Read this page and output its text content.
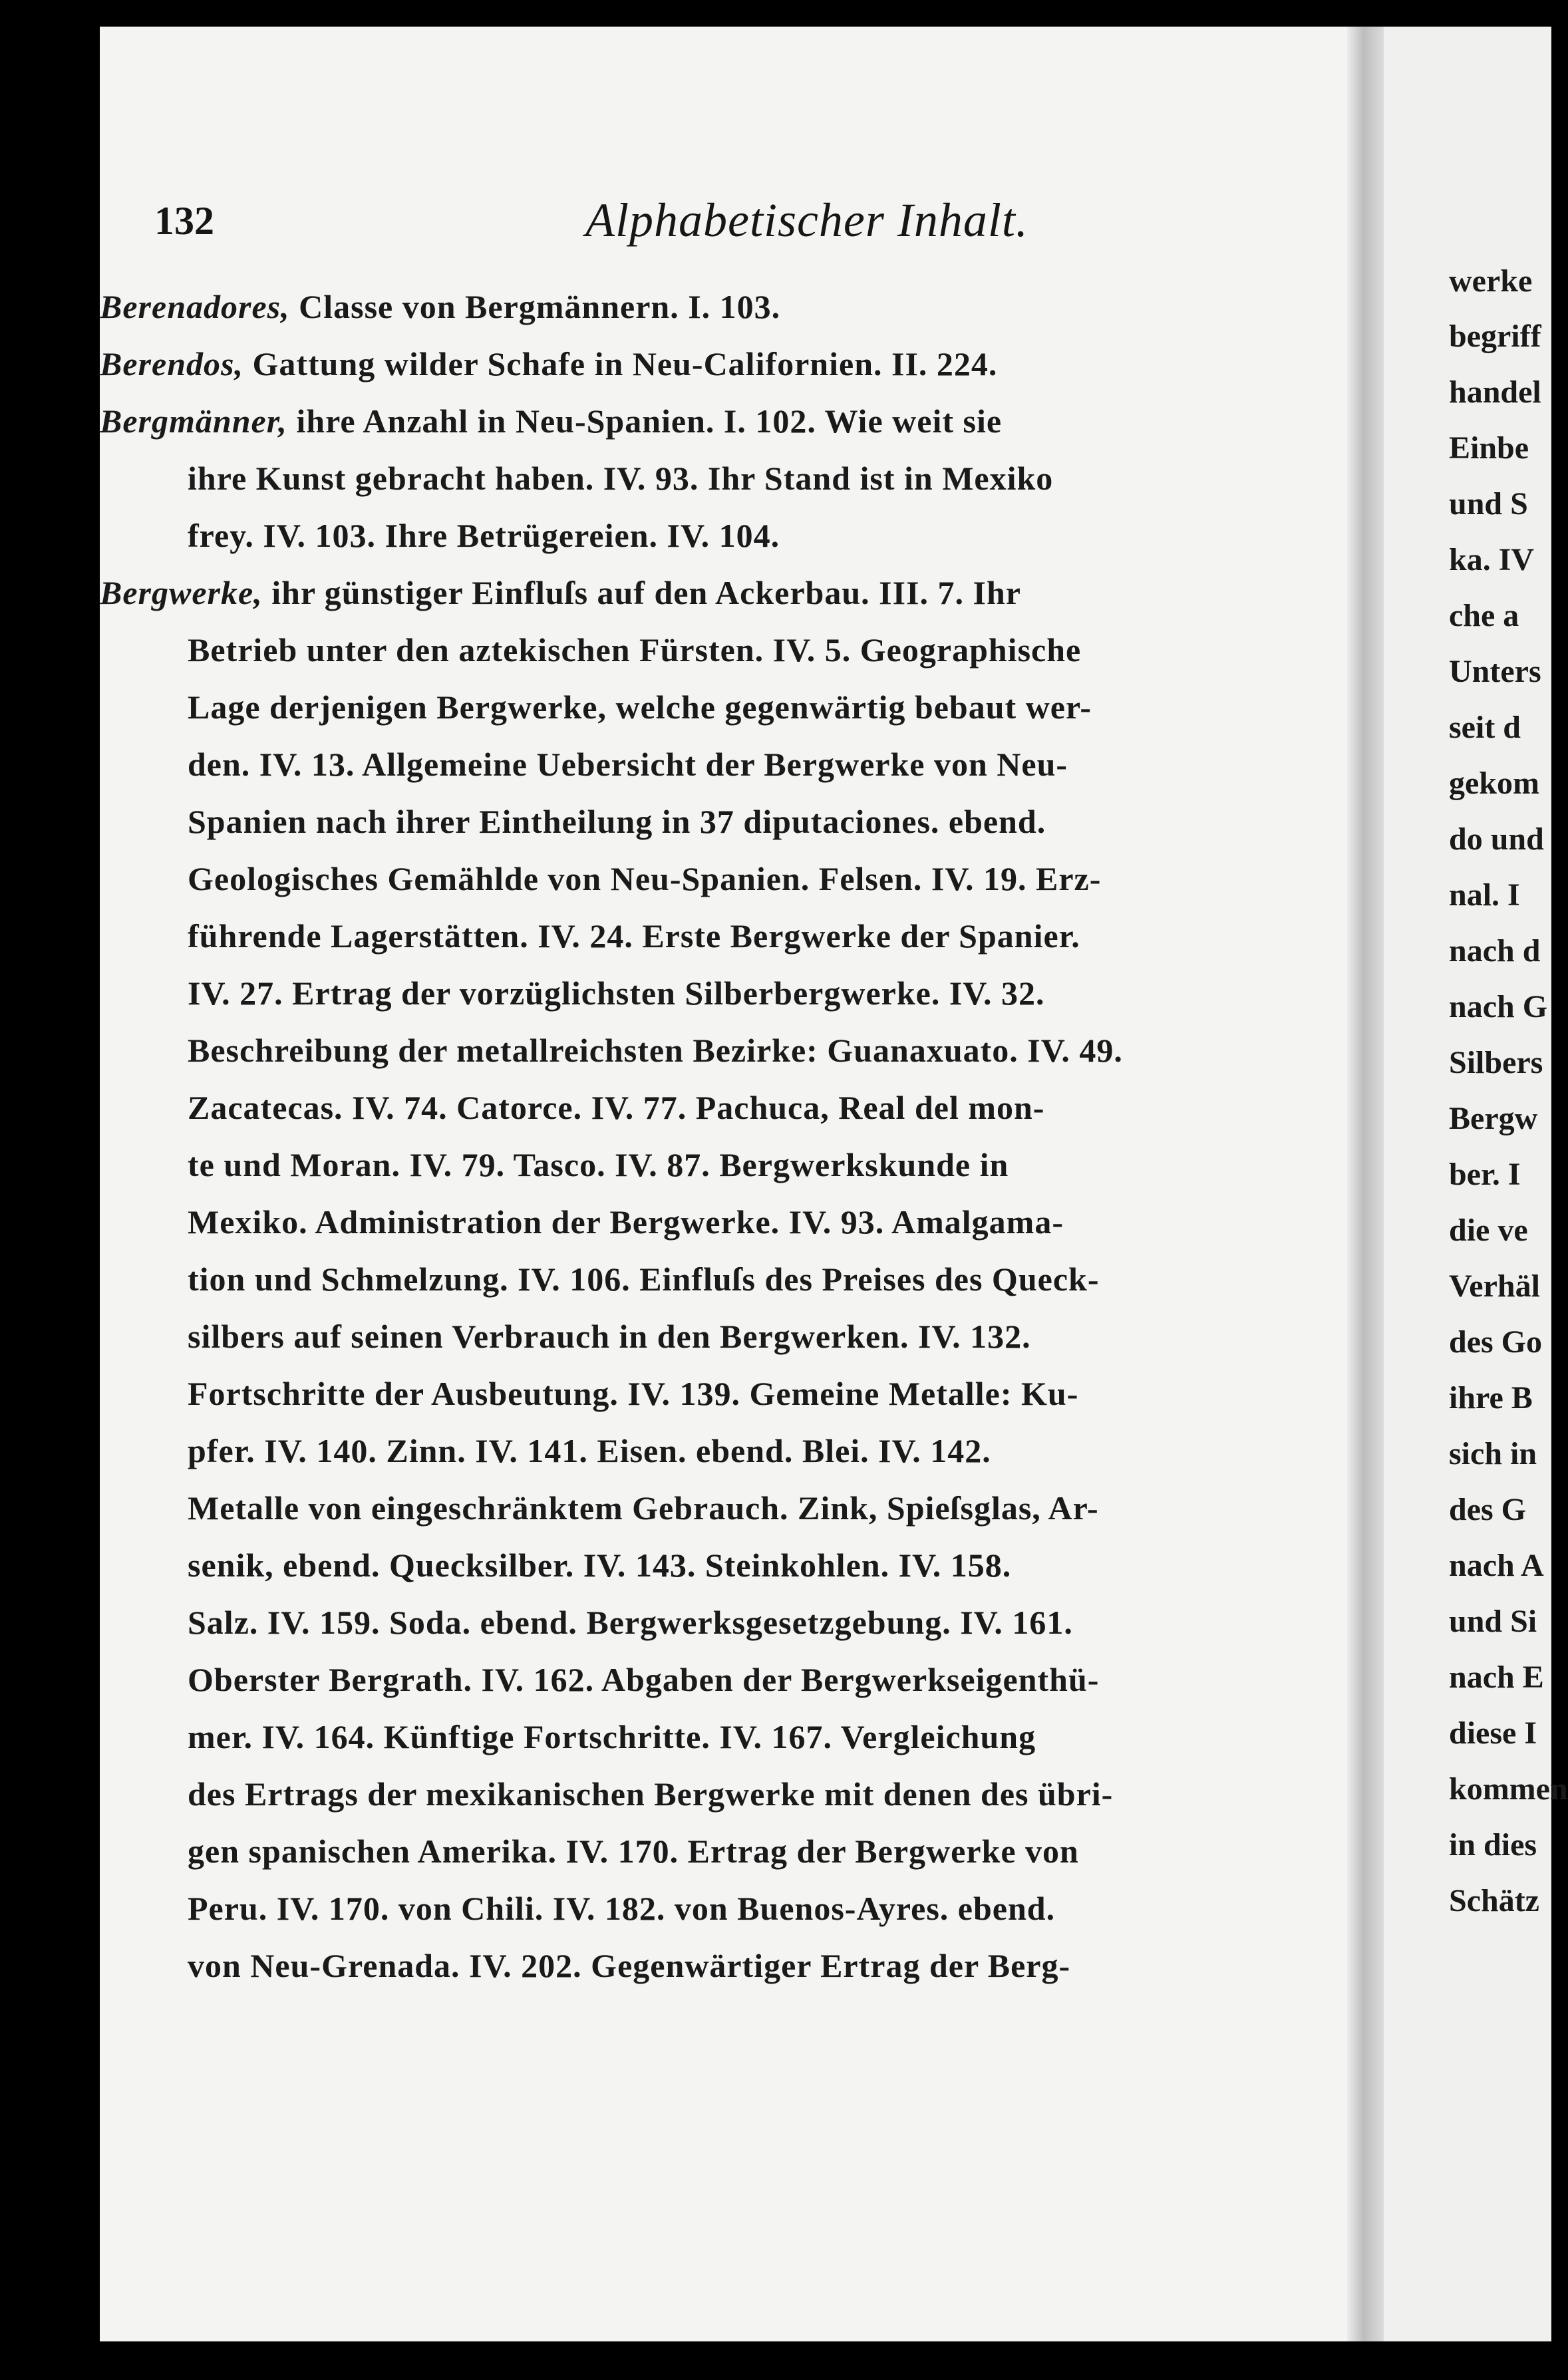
132	Alphabetischer Inhalt.
Berenadores, Classe von Bergmännern. I. 103.
Berendos, Gattung wilder Schafe in Neu-Californien. II. 224.
Bergmänner, ihre Anzahl in Neu-Spanien. I. 102. Wie weit sie
ihre Kunst gebracht haben. IV. 93. Ihr Stand ist in Mexiko
frey. IV. 103. Ihre Betrügereien. IV. 104.
Bergwerke, ihr günstiger Einfluſs auf den Ackerbau. III. 7. Ihr
Betrieb unter den aztekischen Fürsten. IV. 5. Geographische
Lage derjenigen Bergwerke, welche gegenwärtig bebaut wer-
den. IV. 13. Allgemeine Uebersicht der Bergwerke von Neu-
Spanien nach ihrer Eintheilung in 37 diputaciones. ebend.
Geologisches Gemählde von Neu-Spanien. Felsen. IV. 19. Erz-
führende Lagerstätten. IV. 24. Erste Bergwerke der Spanier.
IV. 27. Ertrag der vorzüglichsten Silberbergwerke. IV. 32.
Beschreibung der metallreichsten Bezirke: Guanaxuato. IV. 49.
Zacatecas. IV. 74. Catorce. IV. 77. Pachuca, Real del mon-
te und Moran. IV. 79. Tasco. IV. 87. Bergwerkskunde in
Mexiko. Administration der Bergwerke. IV. 93. Amalgama-
tion und Schmelzung. IV. 106. Einfluſs des Preises des Queck-
silbers auf seinen Verbrauch in den Bergwerken. IV. 132.
Fortschritte der Ausbeutung. IV. 139. Gemeine Metalle: Ku-
pfer. IV. 140. Zinn. IV. 141. Eisen. ebend. Blei. IV. 142.
Metalle von eingeschränktem Gebrauch. Zink, Spieſsglas, Ar-
senik, ebend. Quecksilber. IV. 143. Steinkohlen. IV. 158.
Salz. IV. 159. Soda. ebend. Bergwerksgesetzgebung. IV. 161.
Oberster Bergrath. IV. 162. Abgaben der Bergwerkseigenthü-
mer. IV. 164. Künftige Fortschritte. IV. 167. Vergleichung
des Ertrags der mexikanischen Bergwerke mit denen des übri-
gen spanischen Amerika. IV. 170. Ertrag der Bergwerke von
Peru. IV. 170. von Chili. IV. 182. von Buenos-Ayres. ebend.
von Neu-Grenada. IV. 202. Gegenwärtiger Ertrag der Berg-
werke
begriff
handel
Einbe
und S
ka. IV
che a
Unters
seit d
gekom
do und
nal. I
nach d
nach G
Silbers
Bergw
ber. I
die ve
Verhäl
des Go
ihre B
sich in
des G
nach A
und Si
nach E
diese I
kommen
in dies
Schätz
